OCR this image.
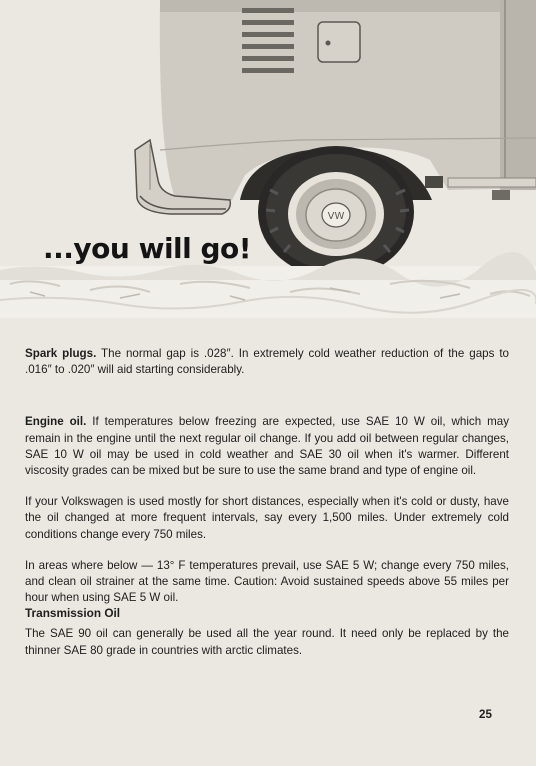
VW
...you will go!

Spark plugs. The normal gap is .028″. In extremely cold weather reduction of the gaps to .016″ to .020″ will aid starting considerably.

Engine oil. If temperatures below freezing are expected, use SAE 10 W oil, which may remain in the engine until the next regular oil change. If you add oil between regular changes, SAE 10 W oil may be used in cold weather and SAE 30 oil when it's warmer. Different viscosity grades can be mixed but be sure to use the same brand and type of engine oil.

If your Volkswagen is used mostly for short distances, especially when it's cold or dusty, have the oil changed at more frequent intervals, say every 1,500 miles. Under extremely cold conditions change every 750 miles.

In areas where below — 13° F temperatures prevail, use SAE 5 W; change every 750 miles, and clean oil strainer at the same time. Caution: Avoid sustained speeds above 55 miles per hour when using SAE 5 W oil.

Transmission Oil

The SAE 90 oil can generally be used all the year round. It need only be replaced by the thinner SAE 80 grade in countries with arctic climates.

25
